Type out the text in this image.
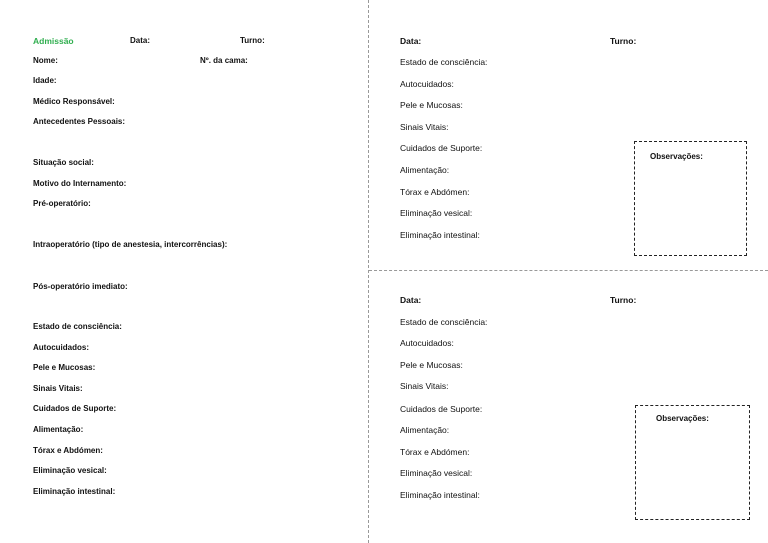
Admissão	Data:	Turno:
Nome:	Nº. da cama:
Idade:
Médico Responsável:
Antecedentes Pessoais:
Situação social:
Motivo do Internamento:
Pré-operatório:
Intraoperatório (tipo de anestesia, intercorrências):
Pós-operatório imediato:
Estado de consciência:
Autocuidados:
Pele e Mucosas:
Sinais Vitais:
Cuidados de Suporte:
Alimentação:
Tórax e Abdómen:
Eliminação vesical:
Eliminação intestinal:
Data:	Turno:
Estado de consciência:
Autocuidados:
Pele e Mucosas:
Sinais Vitais:
Cuidados de Suporte:
Alimentação:
Tórax e Abdómen:
Eliminação vesical:
Eliminação intestinal:
Observações:
Data:	Turno:
Estado de consciência:
Autocuidados:
Pele e Mucosas:
Sinais Vitais:
Cuidados de Suporte:
Alimentação:
Tórax e Abdómen:
Eliminação vesical:
Eliminação intestinal:
Observações:
